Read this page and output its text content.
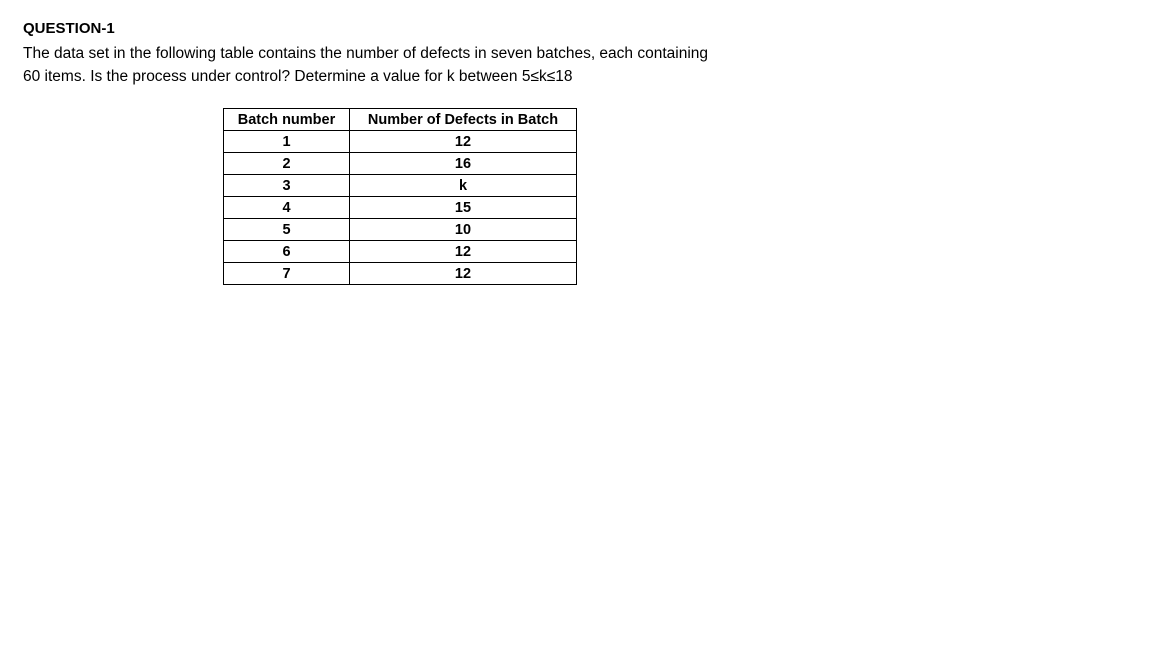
QUESTION-1
The data set in the following table contains the number of defects in seven batches, each containing
60 items. Is the process under control? Determine a value for k between 5≤k≤18
Batch number	Number of Defects in Batch
1	12
2	16
3	k
4	15
5	10
6	12
7	12
